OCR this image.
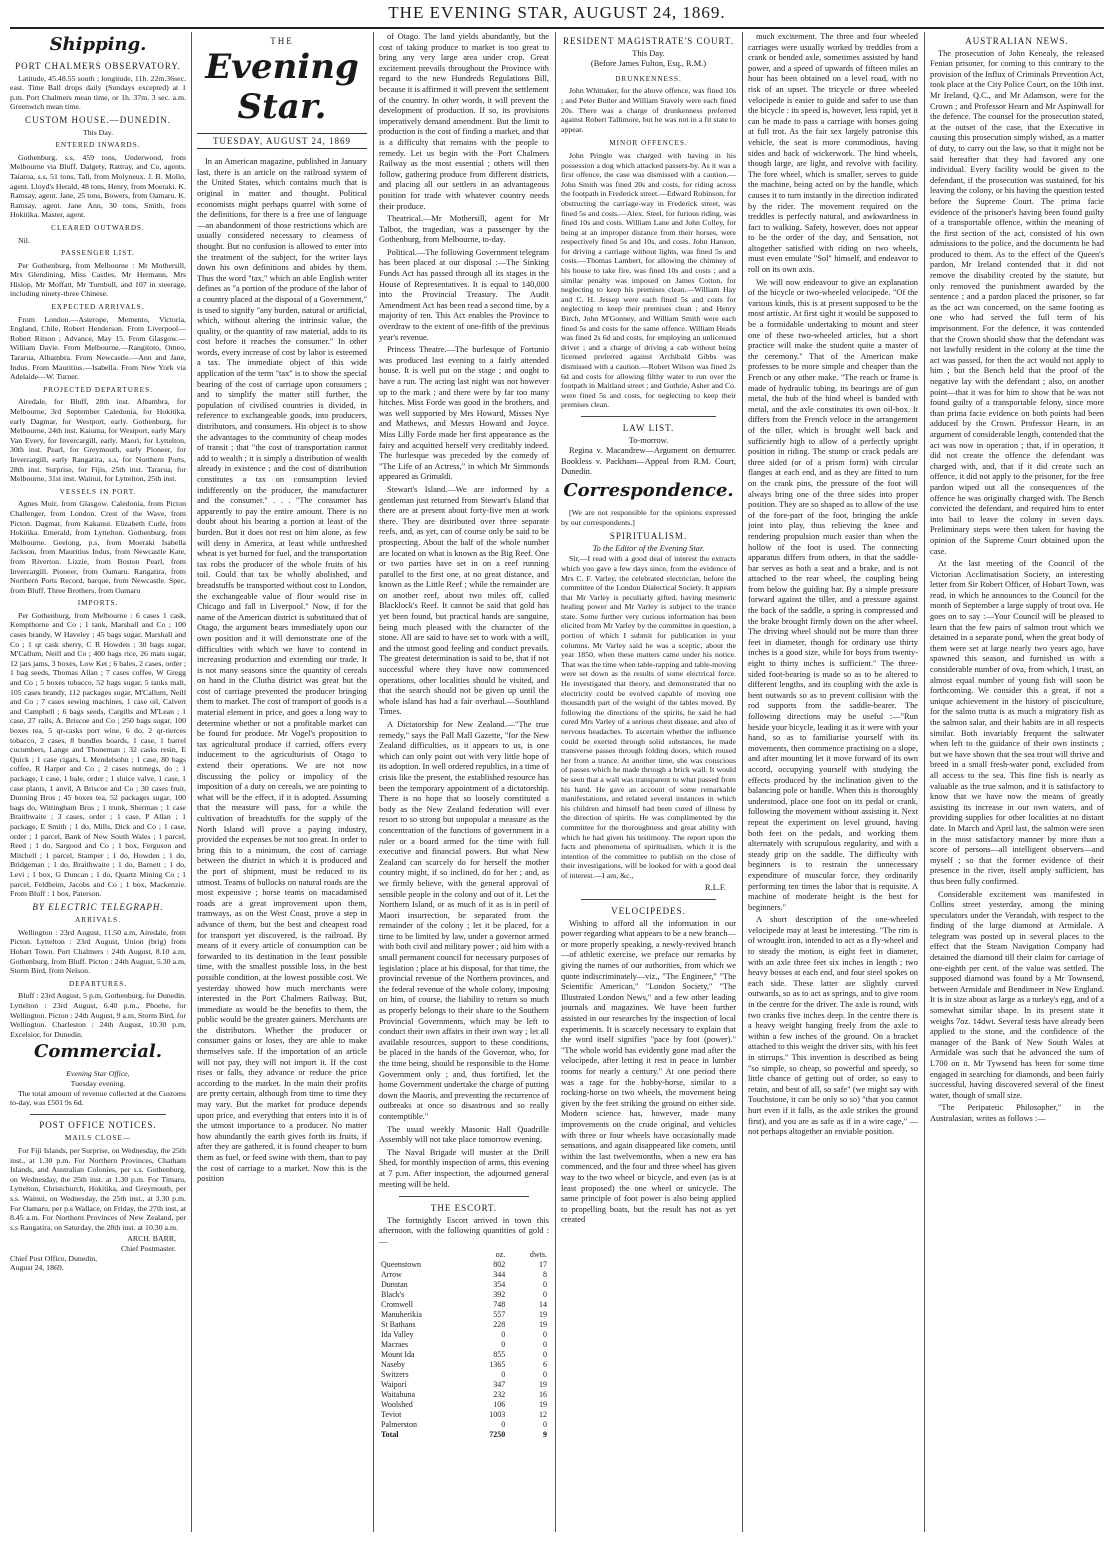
THE EVENING STAR, AUGUST 24, 1869.
Shipping.
PORT CHALMERS OBSERVATORY.

Latitude, 45.48.55 south ; longitude, 11h. 22m.36sec. east. Time Ball drops daily (Sundays excepted) at 1 p.m. Port Chalmers mean time, or 1h. 37m. 3 sec. a.m. Greenwich mean time.

CUSTOM HOUSE.—DUNEDIN.
This Day.
ENTERED INWARDS.

Gothenburg, s.s, 459 tons, Underwood, from Melbourne via Bluff. Dalgety, Rattray, and Co, agents. Taiaroa, s.s, 51 tons, Tall, from Molyneux. J. B. Mollo, agent. Lloyd's Herald, 48 tons, Henry, from Moeraki. K. Ramsay, agent. Jane, 25 tons, Bowers, from Oamaru. K. Ramsay, agent. Jane Ann, 30 tons, Smith, from Hokitika. Master, agent.

CLEARED OUTWARDS.

Nil.

PASSENGER LIST.

Per Gothenburg, from Melbourne : Mr Mothersill, Mrs Glendining, Miss Castles, Mr Hermann, Mrs Hislop, Mr Moffatt, Mr Turnbull, and 107 in steerage, including ninety-three Chinese.

EXPECTED ARRIVALS.

From London.—Asterope, Memento, Victoria, England, Chile, Robert Henderson. From Liverpool—Robert Ritson ; Advance, May 15. From Glasgow.—William Davie. From Melbourne.—Rangitoto, Omeo, Tararua, Albambra. From Newcastle.—Ann and Jane, Indus. From Mauritius.—Isabella. From New York via Adelaide—W. Turner.

PROJECTED DEPARTURES.

Airedale, for Bluff, 28th inst. Albambra, for Melbourne, 3rd September Caledonia, for Hokitika, early Dagmar, for Westport, early. Gothenburg, for Melbourne, 24th inst. Kaiuma, for Westport, early Mary Van Every, for Invercargill, early. Maori, for Lyttelton, 30th inst. Pearl, for Greymouth, early Pioneer, for Invercargill, early Rangatira, s.s, for Northern Ports, 28th inst. Surprise, for Fijis, 25th inst. Tararua, for Melbourne, 31st inst. Wainui, for Lyttelton, 25th inst.

VESSELS IN PORT.

Agnes Muir, from Glasgow. Caledonia, from Picton Challenger, from London. Crest of the Wave, from Picton. Dagmar, from Kakanui. Elizabeth Curle, from Hokitika. Emerald, from Lyttelton. Gothenburg, from Melbourne. Geelong, p.s, from Moeraki Isabella Jackson, from Mauritius Indus, from Newcastle Kate, from Riverton. Lizzie, from Boston Pearl, from Invercargill. Pioneer, from Oamaru. Rangatira, from Northern Ports Record, barque, from Newcastle. Spec, from Bluff. Three Brothers, from Oamaru

IMPORTS.

Per Gothenburg, from Melbourne : 6 cases 1 cask, Kempthorne and Co ; 1 tank, Marshall and Co ; 100 cases brandy, W Haveley ; 45 bags sugar, Marshall and Co ; 1 qr cask sherry, C R Howden ; 30 bags sugar, M'Callum, Neill and Co ; 400 bags rice, 26 mats sugar, 12 jars jams, 3 boxes, Low Ket ; 6 bales, 2 cases, order ; 1 bag seeds, Thomas Allan ; 7 cases coffee, W Gregg and Co ; 5 boxes tobacco, 52 bags sugar, 5 tanks malt, 105 cases brandy, 112 packages sugar, M'Callum, Neill and Co ; 7 cases sewing machines, 1 case oil, Calvert and Campbell ; 6 bags seeds, Cargills and M'Lean ; 1 case, 27 rails, A. Briscoe and Co ; 250 bags sugar, 100 boxes tea, 5 qr-casks port wine, 6 do, 2 qr-tierces tobacco, 2 cases, 8 bundles boards, 1 case, 1 barrel cucumbers, Lange and Thoneman ; 32 casks resin, E Quick ; 1 case cigars, L Mendelsohn ; 1 case, 80 bags coffee, R Harper and Co ; 2 cases nutmegs, do ; 1 package, 1 case, 1 bale, order ; 1 sluice valve, 1 case, 1 case plants, 1 anvil, A Briscoe and Co ; 30 cases fruit, Dunning Bros ; 45 boxes tea, 52 packages sugar, 100 bags do, Wittingham Bros ; 1 trunk, Sherman ; 1 case Braithwaite ; 3 cases, order ; 1 case, P Allan ; 1 package, E Smith ; 1 do, Mills, Dick and Co ; 1 case, order ; 1 parcel, Bank of New South Wales ; 1 parcel, Reed ; 1 do, Sargood and Co ; 1 box, Ferguson and Mitchell ; 1 parcel, Stamper ; 1 do, Howden ; 1 do, Bridgeman ; 1 do, Braithwaite ; 1 do, Barnett ; 1 do, Levi ; 1 box, G Duncan ; 1 do, Quartz Mining Co ; 1 parcel, Feldheim, Jacobs and Co ; 1 box, Mackenzie. From Bluff : 1 box, Paterson.

BY ELECTRIC TELEGRAPH.
ARRIVALS.

Wellington : 23rd August, 11.50 a.m, Airedale, from Picton. Lyttelton : 23rd August, Union (brig) from Hobart Town. Port Chalmers : 24th August, 8.10 a.m, Gothenburg, from Bluff. Picton : 24th August, 5.30 a.m, Storm Bird, from Nelson.

DEPARTURES.

Bluff : 23rd August, 5 p.m, Gothenburg, for Dunedin. Lyttelton : 23rd August, 6.40 p.m., Phoebe, for Wellington. Picton : 24th August, 9 a.m, Storm Bird, for Wellington. Charleston : 24th August, 10.30 p.m, Excelsior, for Dunedin.

Commercial.
Evening Star Office,
Tuesday evening.

The total amount of revenue collected at the Customs to-day, was £501 9s 6d.

POST OFFICE NOTICES.
MAILS CLOSE—

For Fiji Islands, per Surprise, on Wednesday, the 25th inst., at 1.30 p.m. For Northern Provinces, Chatham Islands, and Australian Colonies, per s.s. Gothenburg, on Wednesday, the 25th inst. at 1.30 p.m. For Timaru, Lyttelton, Christchurch, Hokitika, and Greymouth, per s.s. Wainui, on Wednesday, the 25th inst., at 3.30 p.m. For Oamaru, per p.s Wallace, on Friday, the 27th inst, at 8.45 a.m. For Northern Provinces of New Zealand, per s.s Rangatira, on Saturday, the 28th inst. at 10.30 a.m.

ARCH. BARR,
Chief Postmaster.
Chief Post Office, Dunedin,
August 24, 1869.
THE
Evening Star.
TUESDAY, AUGUST 24, 1869

In an American magazine, published in January last, there is an article on the railroad system of the United States, which contains much that is original in matter and thought. Political economists might perhaps quarrel with some of the definitions, for there is a free use of language—an abandonment of those restrictions which are usually considered necessary to clearness of thought. But no confusion is allowed to enter into the treatment of the subject, for the writer lays down his own definitions and abides by them. Thus the word "tax," which an able English writer defines as "a portion of the produce of the labor of a country placed at the disposal of a Government," is used to signify "any burden, natural or artificial, which, without altering the intrinsic value, the quality, or the quantity of raw material, adds to its cost before it reaches the consumer." In other words, every increase of cost by labor is esteemed a tax. The immediate object of this wide application of the term "tax" is to show the special bearing of the cost of carriage upon consumers ; and to simplify the matter still further, the population of civilised countries is divided, in reference to exchangeable goods, into producers, distributors, and consumers. His object is to show the advantages to the community of cheap modes of transit ; that "the cost of transportation cannot add to wealth ; it is simply a distribution of wealth already in existence ; and the cost of distribution constitutes a tax on consumption levied indifferently on the producer, the manufacturer and the consumer." . . . "The consumer has apparently to pay the entire amount. There is no doubt about his bearing a portion at least of the burden. But it does not rest on him alone, as few will deny in America, at least while unthreshed wheat is yet burned for fuel, and the transportation tax robs the producer of the whole fruits of his toil. Could that tax be wholly abolished, and breadstuffs be transported without cost to London, the exchangeable value of flour would rise in Chicago and fall in Liverpool." Now, if for the name of the American district is substituted that of Otago, the argument bears immediately upon our own position and it will demonstrate one of the difficulties with which we have to contend in increasing production and extending our trade. It is not many seasons since the quantity of cereals on hand in the Clutha district was great but the cost of carriage prevented the producer bringing them to market. The cost of transport of goods is a material element in price, and goes a long way to determine whether or not a profitable market can be found for produce. Mr Vogel's proposition to tax agricultural produce if carried, offers every inducement to the agriculturists of Otago to extend their operations. We are not now discussing the policy or impolicy of the imposition of a duty on cereals, we are pointing to what will be the effect, if it is adopted. Assuming that the measure will pass, for a while the cultivation of breadstuffs for the supply of the North Island will prove a paying industry, provided the expenses be not too great. In order to bring this to a minimum, the cost of carriage between the district in which it is produced and the port of shipment, must be reduced to its utmost. Teams of bullocks on natural roads are the most expensive ; horse teams on macadamised roads are a great improvement upon them, tramways, as on the West Coast, prove a step in advance of them, but the best and cheapest road for transport yet discovered, is the railroad. By means of it every article of consumption can be forwarded to its destination in the least possible time, with the smallest possible loss, in the best possible condition, at the lowest possible cost. We yesterday showed how much merchants were interested in the Port Chalmers Railway. But, immediate as would be the benefits to them, the public would be the greater gainers. Merchants are the distributors. Whether the producer or consumer gains or loses, they are able to make themselves safe. If the importation of an article will not pay, they will not import it. If the cost rises or falls, they advance or reduce the price according to the market. In the main their profits are pretty certain, although from time to time they may vary. But the market for produce depends upon price, and everything that enters into it is of the utmost importance to a producer. No matter how abundantly the earth gives forth its fruits, if after they are gathered, it is found cheaper to burn them as fuel, or feed swine with them, than to pay the cost of carriage to a market. Now this is the position

of Otago. The land yields abundantly, but the cost of taking produce to market is too great to bring any very large area under crop. Great excitement prevails throughout the Province with regard to the new Hundreds Regulations Bill, because it is affirmed it will prevent the settlement of the country. In other words, it will prevent the development of production. If so, its provisions imperatively demand amendment. But the limit to production is the cost of finding a market, and that is a difficulty that remains with the people to remedy. Let us begin with the Port Chalmers Railway as the most essential ; others will then follow, gathering produce from different districts, and placing all our settlers in an advantageous position for trade with whatever country needs their produce.

Theatrical.—Mr Mothersill, agent for Mr Talbot, the tragedian, was a passenger by the Gothenburg, from Melbourne, to-day.

Political.—The following Government telegram has been placed at our disposal :—The Sinking Funds Act has passed through all its stages in the House of Representatives. It is equal to 140,000 into the Provincial Treasury. The Audit Amendment Act has been read a second time, by a majority of ten. This Act enables the Province to overdraw to the extent of one-fifth of the previous year's revenue.

Princess Theatre.—The burlesque of Fortunio was produced last evening to a fairly attended house. It is well put on the stage ; and ought to have a run. The acting last night was not however up to the mark ; and there were by far too many hitches. Miss Forde was good in the brothers, and was well supported by Mrs Howard, Misses Nye and Mathews, and Messrs Howard and Joyce. Miss Lilly Forde made her first appearance as the fairy and acquitted herself very creditably indeed. The burlesque was preceded by the comedy of "The Life of an Actress," in which Mr Simmonds appeared as Grimaldi.

Stewart's Island.—We are informed by a gentleman just returned from Stewart's Island that there are at present about forty-five men at work there. They are distributed over three separate reefs, and, as yet, can of course only be said to be prospecting. About the half of the whole number are located on what is known as the Big Reef. One or two parties have set in on a reef running parallel to the first one, at no great distance, and known as the Little Reef ; while the remainder are on another reef, about two miles off, called Blacklock's Reef. It cannot be said that gold has yet been found, but practical hands are sanguine, being much pleased with the character of the stone. All are said to have set to work with a will, and the utmost good feeling and conduct prevails. The greatest determination is said to be, that if not successful where they have now commenced operations, other localities should be visited, and that the search should not be given up until the whole island has had a fair overhaul.—Southland Times.

A Dictatorship for New Zealand.—"The true remedy," says the Pall Mall Gazette, "for the New Zealand difficulties, as it appears to us, is one which can only point out with very little hope of its adoption. In well ordered republics, in a time of crisis like the present, the established resource has been the temporary appointment of a dictatorship. There is no hope that so loosely constituted a body as the New Zealand federation will ever resort to so strong but unpopular a measure as the concentration of the functions of government in a ruler or a board armed for the time with full executive and financial powers. But what New Zealand can scarcely do for herself the mother country might, if so inclined, do for her ; and, as we firmly believe, with the general approval of sensible people in the colony and out of it. Let the Northern Island, or as much of it as is in peril of Maori insurrection, be separated from the remainder of the colony ; let it be placed, for a time to be limited by law, under a governor armed with both civil and military power ; aid him with a small permanent council for necessary purposes of legislation ; place at his disposal, for that time, the provincial revenue of the Northern provinces, and the federal revenue of the whole colony, imposing on him, of course, the liability to return so much as properly belongs to their share to the Southern Provincial Governments, which may be left to conduct their own affairs in their own way ; let all available resources, support to these conditions, be placed in the hands of the Governor, who, for the time being, should be responsible to the Home Government only ; and, thus fortified, let the home Government undertake the charge of putting down the Maoris, and preventing the recurrence of outbreaks at once so disastrous and so really contemptible."

The usual weekly Masonic Hall Quadrille Assembly will not take place tomorrow evening.

The Naval Brigade will muster at the Drill Shed, for monthly inspection of arms, this evening at 7 p.m. After inspection, the adjourned general meeting will be held.

THE ESCORT.

The fortnightly Escort arrived in town this afternoon, with the following quantities of gold :—

	oz.	dwts.
Queenstown	802	17
Arrow	344	8
Dunstan	354	0
Black's	392	0
Cromwell	748	14
Manuherikia	557	19
St Bathans	228	19
Ida Valley	0	0
Macraes	0	0
Mount Ida	855	0
Naseby	1365	6
Switzers	0	0
Waipori	347	19
Waitahuna	232	16
Woolshed	106	19
Teviot	1003	12
Palmerston	0	0
Total	7250	9
RESIDENT MAGISTRATE'S COURT.
This Day.
(Before James Fulton, Esq., R.M.)
DRUNKENNESS.

John Whittaker, for the above offence, was fined 10s ; and Peter Butler and William Stavely were each fined 20s. There was a charge of drunkenness preferred against Robert Tallimore, but he was not in a fit state to appear.

MINOR OFFENCES.

John Pringle was charged with having in his possession a dog which attacked passers-by. As it was a first offence, the case was dismissed with a caution.—John Smith was fined 20s and costs, for riding across the footpath in Frederick street.—Edward Robinson, for obstructing the carriage-way in Frederick street, was fined 5s and costs.—Alex. Steel, for furious riding, was fined 10s and costs. William Lane and John Colley, for being at an improper distance from their horses, were respectively fined 5s and 10s, and costs. John Hanson, for driving a carriage without lights, was fined 5s and costs.—Thomas Lambert, for allowing the chimney of his house to take fire, was fined 10s and costs ; and a similar penalty was imposed on James Cotton, for neglecting to keep his premises clean.—William Hay and C. H. Jessep were each fined 5s and costs for neglecting to keep their premises clean ; and Henry Birch, John M'Gonney, and William Smith were each fined 5s and costs for the same offence. William Heads was fined 2s 6d and costs, for employing an unlicensed driver ; and a charge of driving a cab without being licensed preferred against Archibald Gibbs was dismissed with a caution.—Robert Wilson was fined 2s 6d and costs for allowing filthy water to run over the footpath in Maitland street ; and Guthrie, Asher and Co. were fined 5s and costs, for neglecting to keep their premises clean.

LAW LIST.
To-morrow.

Regina v. Macandrew—Argument on demurrer. Bookless v. Packham—Appeal from R.M. Court, Dunedin.

Correspondence.

[We are not responsible for the opinions expressed by our correspondents.]

SPIRITUALISM.
To the Editor of the Evening Star.

Sir,—I read with a good deal of interest the extracts which you gave a few days since, from the evidence of Mrs C. F. Varley, the celebrated electrician, before the committee of the London Dialectical Society. It appears that Mr Varley is peculiarly gifted, having mesmeric healing power and Mr Varley is subject to the trance state. Some further very curious information has been elicited from Mr Varley by the committee in question, a portion of which I submit for publication in your columns. Mr Varley said he was a sceptic, about the year 1850, when these matters came under his notice. That was the time when table-rapping and table-moving were set down as the results of some electrical force. He investigated that theory, and demonstrated that no electricity could be evolved capable of moving one thousandth part of the weight of the tables moved. By following the directions of the spirits, he said he had cured Mrs Varley of a serious chest disease, and also of nervous headaches. To ascertain whether the influence could be exerted through solid substances, he made transverse passes through folding doors, which roused her from a trance. At another time, she was conscious of passes which he made through a brick wall. It would be seen that a wall was transparent to what passed from his hand. He gave an account of some remarkable manifestations, and related several instances in which his children and himself had been cured of illness by the direction of spirits. He was complimented by the committee for the thoroughness and great ability with which he had given his testimony. The report upon the facts and phenomena of spiritualism, which it is the intention of the committee to publish on the close of their investigations, will be looked for with a good deal of interest.—I am, &c.,

R.L.F.
VELOCIPEDES.

Wishing to afford all the information in our power regarding what appears to be a new branch—or more properly speaking, a newly-revived branch—of athletic exercise, we preface our remarks by giving the names of our authorities, from which we quote indiscriminately—viz., "The Engineer," "The Scientific American," "London Society," "The Illustrated London News," and a few other leading journals and magazines. We have been further assisted in our researches by the inspection of local experiments. It is scarcely necessary to explain that the word itself signifies "pace by foot (power)." "The whole world has evidently gone mad after the velocipede, after letting it rest in peace in lumber rooms for nearly a century." At one period there was a rage for the hobby-horse, similar to a rocking-horse on two wheels, the movement being given by the feet striking the ground on either side. Modern science has, however, made many improvements on the crude original, and vehicles with three or four wheels have occasionally made sensations, and again disappeared like comets, until within the last twelvemonths, when a new era has commenced, and the four and three wheel has given way to the two wheel or bicycle, and even (as is at least proposed) the one wheel or unicycle. The same principle of foot power is also being applied to propelling boats, but the result has not as yet created

much excitement. The three and four wheeled carriages were usually worked by treddles from a crank or bended axle, sometimes assisted by hand power, and a speed of upwards of fifteen miles an hour has been obtained on a level road, with no risk of an upset. The tricycle or three wheeled velocipede is easier to guide and safer to use than the bicycle : its speed is, however, less rapid, yet it can be made to pass a carriage with horses going at full trot. As the fair sex largely patronise this vehicle, the seat is more commodious, having sides and back of wickerwork. The hind wheels, though large, are light, and revolve with facility. The fore wheel, which is smaller, serves to guide the machine, being acted on by the handle, which causes it to turn instantly in the direction indicated by the rider. The movement required on the treddles is perfectly natural, and awkwardness in fact to walking. Safety, however, does not appear to be the order of the day, and Sensation, not altogether satisfied with riding on two wheels, must even emulate "Sol" himself, and endeavor to roll on its own axis.

We will now endeavour to give an explanation of the bicycle or two-wheeled velocipede. "Of the various kinds, this is at present supposed to be the most artistic. At first sight it would be supposed to be a formidable undertaking to mount and steer one of these two-wheeled articles, but a short practice will make the student quite a master of the ceremony." That of the American make professes to be more simple and cheaper than the French or any other make. "The reach or frame is made of hydraulic tubing, its bearings are of gun metal, the hub of the hind wheel is banded with metal, and the axle constitutes its own oil-box. It differs from the French veloce in the arrangement of the tiller, which is brought well back and sufficiently high to allow of a perfectly upright position in riding. The stump or crack pedals are three sided (or of a prism form) with circular flanges at each end, and as they are fitted to turn on the crank pins, the pressure of the foot will always bring one of the three sides into proper position. They are so shaped as to allow of the use of the fore-part of the foot, bringing the ankle joint into play, thus relieving the knee and rendering propulsion much easier than when the hollow of the foot is used. The connecting apparatus differs from others, in that the saddle-bar serves as both a seat and a brake, and is not attached to the rear wheel, the coupling being from below the guiding bar. By a simple pressure forward against the tiller, and a pressure against the back of the saddle, a spring is compressed and the brake brought firmly down on the after wheel. The driving wheel should not be more than three feet in diameter, though for ordinary use thirty inches is a good size, while for boys from twenty-eight to thirty inches is sufficient." The three-sided foot-bearing is made so as to be altered to different lengths, and its coupling with the axle is bent outwards so as to prevent collision with the rod supports from the saddle-bearer. The following directions may be useful :—"Run beside your bicycle, leading it as it were with your hand, so as to familiarise yourself with its movements, then commence practising on a slope, and after mounting let it move forward of its own accord, occupying yourself with studying the effects produced by the inclination given to the balancing pole or handle. When this is thoroughly understood, place one foot on its pedal or crank, following the movement without assisting it. Next repeat the experiment on level ground, having both feet on the pedals, and working them alternately with scrupulous regularity, and with a steady grip on the saddle. The difficulty with beginners is to restrain the unnecessary expenditure of muscular force, they ordinarily performing ten times the labor that is requisite. A machine of moderate height is the best for beginners."

A short description of the one-wheeled velocipede may at least be interesting. "The rim is of wrought iron, intended to act as a fly-wheel and to steady the motion, is eight feet in diameter, with an axle three feet six inches in length ; two heavy bosses at each end, and four steel spokes on each side. These latter are slightly curved outwards, so as to act as springs, and to give room in the centre for the driver. The axle is round, with two cranks five inches deep. In the centre there is a heavy weight hanging freely from the axle to within a few inches of the ground. On a bracket attached to this weight the driver sits, with his feet in stirrups." This invention is described as being "so simple, so cheap, so powerful and speedy, so little chance of getting out of order, so easy to retain, and best of all, so safe" (we might say with Touchstone, it can be only so so) "that you cannot hurt even if it falls, as the axle strikes the ground first), and you are as safe as if in a wire cage," — not perhaps altogether an enviable position.

AUSTRALIAN NEWS.

The prosecution of John Kenealy, the released Fenian prisoner, for coming to this contrary to the provision of the Influx of Criminals Prevention Act, took place at the City Police Court, on the 10th inst. Mr Ireland, Q.C., and Mr Adamson, were for the Crown ; and Professor Hearn and Mr Aspinwall for the defence. The counsel for the prosecution stated, at the outset of the case, that the Executive in causing this prosecution simply wished, as a matter of duty, to carry out the law, so that it might not be said hereafter that they had favored any one individual. Every facility would be given to the defendant, if the prosecution was sustained, for his leaving the colony, or his having the question tested before the Supreme Court. The prima facie evidence of the prisoner's having been found guilty of a transportable offence, within the meaning of the first section of the act, consisted of his own admissions to the police, and the documents he had produced to them. As to the effect of the Queen's pardon, Mr Ireland contended that it did not remove the disability created by the statute, but only removed the punishment awarded by the sentence ; and a pardon placed the prisoner, so far as the act was concerned, on the same footing as one who had served the full term of his imprisonment. For the defence, it was contended that the Crown should show that the defendant was not lawfully resident in the colony at the time the act was passed, for then the act would not apply to him ; but the Bench held that the proof of the negative lay with the defendant ; also, on another point—that it was for him to show that he was not found guilty of a transportable felony, since more than prima facie evidence on both points had been adduced by the Crown. Professor Hearn, in an argument of considerable length, contended that the act was now in operation ; that, if in operation, it did not create the offence the defendant was charged with, and, that if it did create such an offence, it did not apply to the prisoner, for the free pardon wiped out all the consequences of the offence he was originally charged with. The Bench convicted the defendant, and required him to enter into bail to leave the colony in seven days. Preliminary steps were then taken for having the opinion of the Supreme Court obtained upon the case.

At the last meeting of the Council of the Victorian Acclimatisation Society, an interesting letter from Sir Robert Officer, of Hobart Town, was read, in which he announces to the Council for the month of September a large supply of trout ova. He goes on to say :—Your Council will be pleased to learn that the few pairs of salmon trout which we detained in a separate pond, when the great body of them were set at large nearly two years ago, have spawned this season, and furnished us with a considerable number of ova, from which, I trust, an almost equal number of young fish will soon be forthcoming. We consider this a great, if not a unique achievement in the history of pisciculture, for the salmo trutta is as much a migratory fish as the salmon salar, and their habits are in all respects similar. Both invariably frequent the saltwater when left to the guidance of their own instincts ; but we have shown that the sea trout will thrive and breed in a small fresh-water pond, excluded from all access to the sea. This fine fish is nearly as valuable as the true salmon, and it is satisfactory to know that we have now the means of greatly assisting its increase in our own waters, and of providing supplies for other localities at no distant date. In March and April last, the salmon were seen in the most satisfactory manner by more than a score of persons—all intelligent observers—and myself ; so that the former evidence of their presence in the river, itself amply sufficient, has thus been fully confirmed.

Considerable excitement was manifested in Collins street yesterday, among the mining speculators under the Verandah, with respect to the finding of the large diamond at Armidale. A telegram was posted up in several places to the effect that the Steam Navigation Company had detained the diamond till their claim for carriage of one-eighth per cent. of the value was settled. The supposed diamond was found by a Mr Townsend, between Armidale and Bendimeer in New England. It is in size about as large as a turkey's egg, and of a somewhat similar shape. In its present state it weighs 7oz. 14dwt. Several tests have already been applied to the stone, and the confidence of the manager of the Bank of New South Wales at Armidale was such that he advanced the sum of L700 on it. Mr Tywsend has been for some time engaged in searching for diamonds, and been fairly successful, having discovered several of the finest water, though of small size.

"The Peripatetic Philosopher," in the Australasian, writes as follows :—
